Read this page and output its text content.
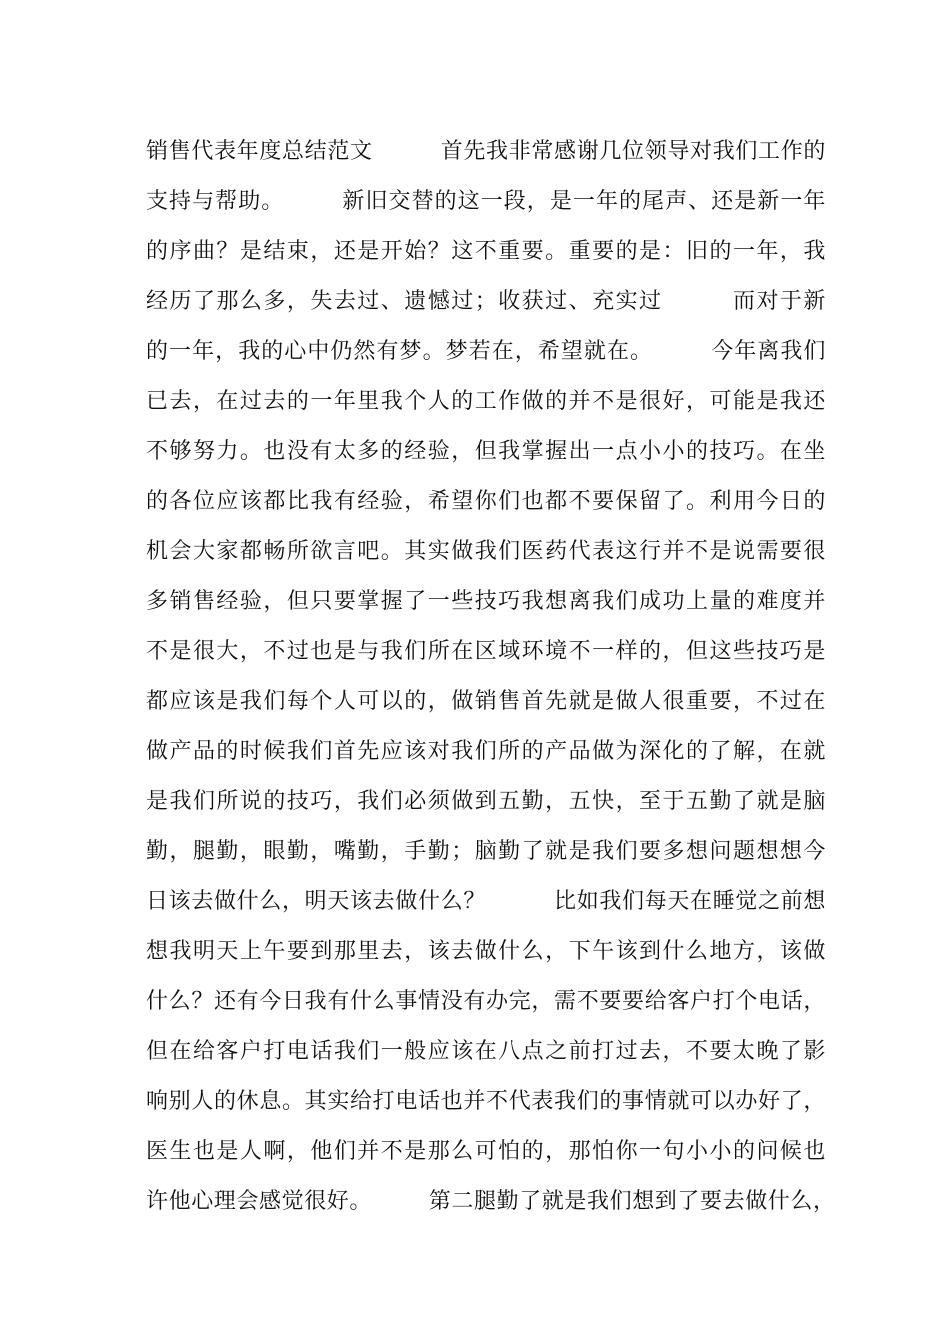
销售代表年度总结范文　　　首先我非常感谢几位领导对我们工作的
支持与帮助。　　　新旧交替的这一段，是一年的尾声、还是新一年
的序曲？是结束，还是开始？这不重要。重要的是：旧的一年，我
经历了那么多，失去过、遗憾过；收获过、充实过　　　而对于新
的一年，我的心中仍然有梦。梦若在，希望就在。　　　今年离我们
已去，在过去的一年里我个人的工作做的并不是很好，可能是我还
不够努力。也没有太多的经验，但我掌握出一点小小的技巧。在坐
的各位应该都比我有经验，希望你们也都不要保留了。利用今日的
机会大家都畅所欲言吧。其实做我们医药代表这行并不是说需要很
多销售经验，但只要掌握了一些技巧我想离我们成功上量的难度并
不是很大，不过也是与我们所在区域环境不一样的，但这些技巧是
都应该是我们每个人可以的，做销售首先就是做人很重要，不过在
做产品的时候我们首先应该对我们所的产品做为深化的了解，在就
是我们所说的技巧，我们必须做到五勤，五快，至于五勤了就是脑
勤，腿勤，眼勤，嘴勤，手勤；脑勤了就是我们要多想问题想想今
日该去做什么，明天该去做什么？　　　比如我们每天在睡觉之前想
想我明天上午要到那里去，该去做什么，下午该到什么地方，该做
什么？还有今日我有什么事情没有办完，需不要要给客户打个电话，
但在给客户打电话我们一般应该在八点之前打过去，不要太晚了影
响别人的休息。其实给打电话也并不代表我们的事情就可以办好了，
医生也是人啊，他们并不是那么可怕的，那怕你一句小小的问候也
许他心理会感觉很好。　　　第二腿勤了就是我们想到了要去做什么，
